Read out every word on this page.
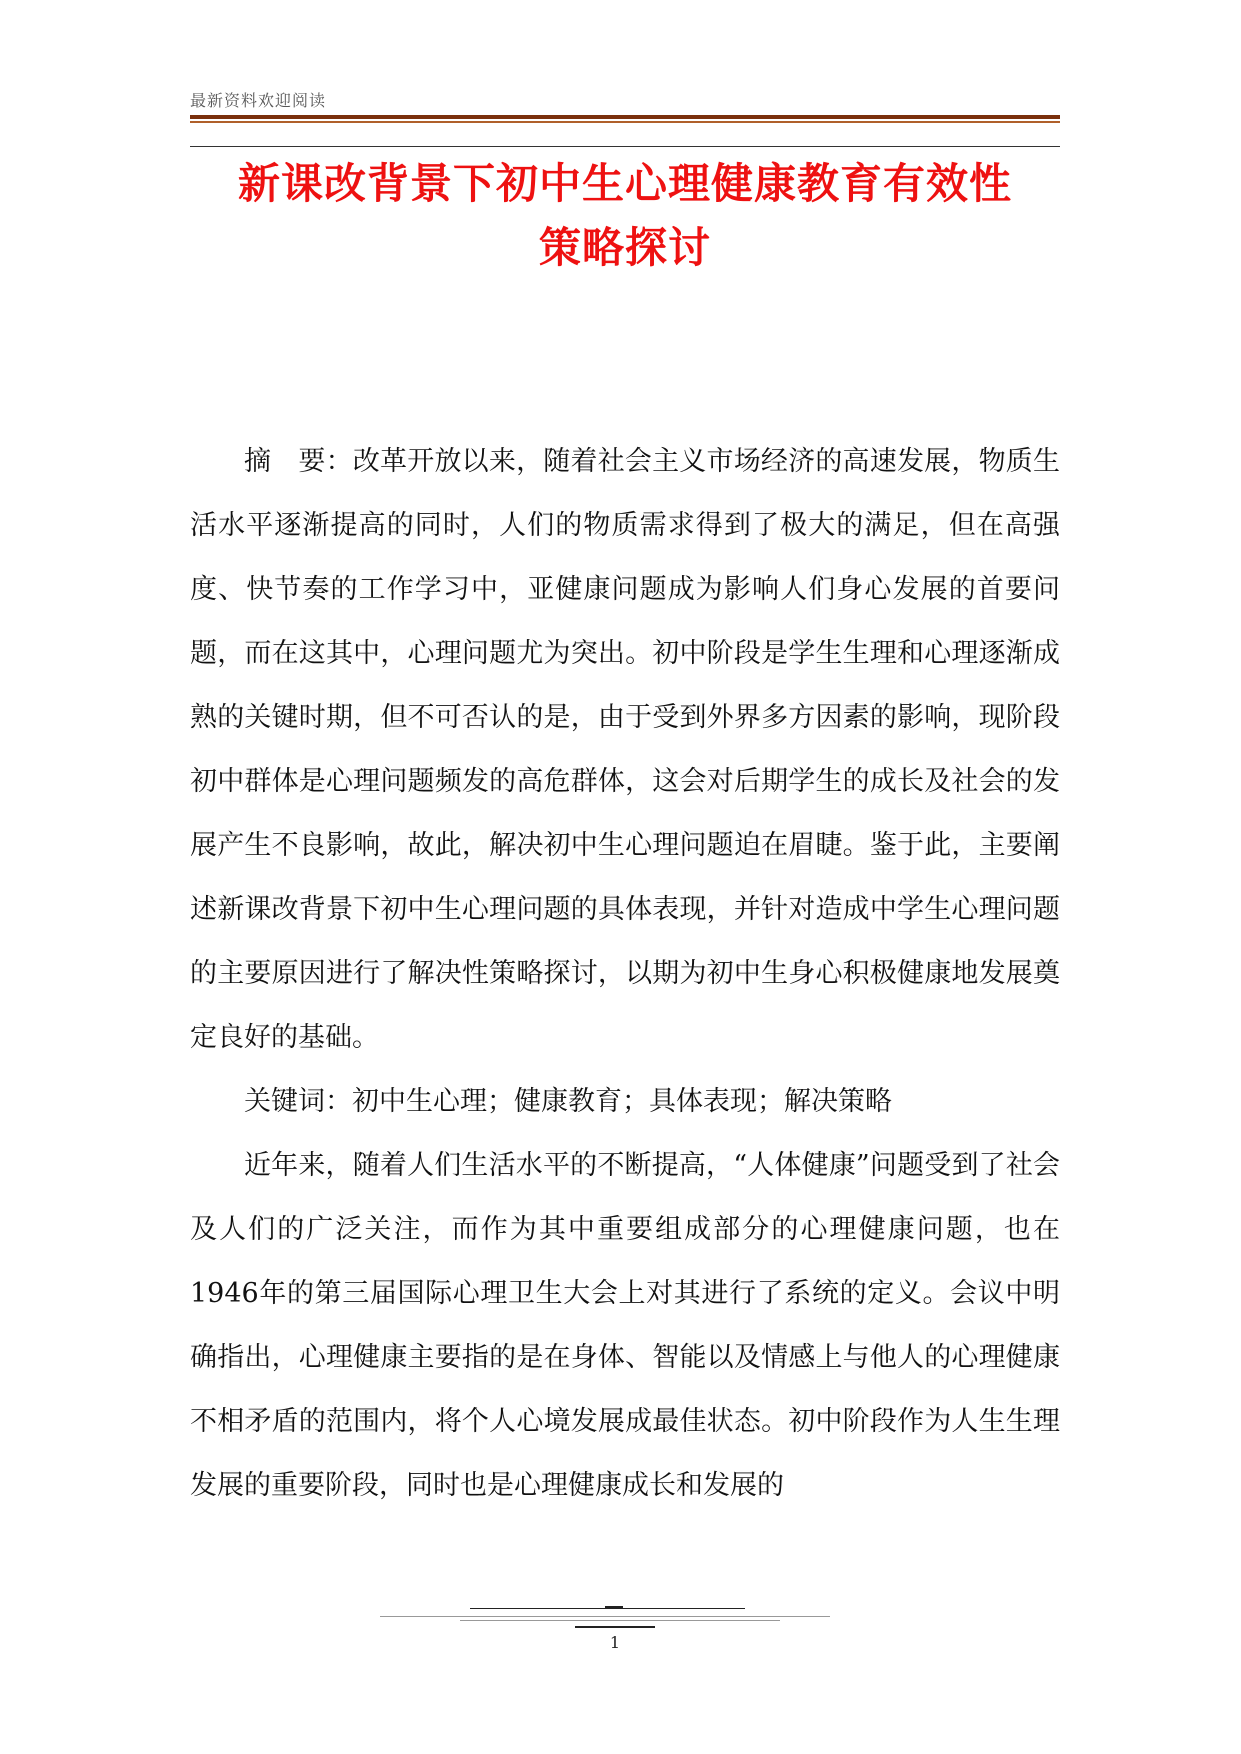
最新资料欢迎阅读
新课改背景下初中生心理健康教育有效性
策略探讨

摘　要：改革开放以来，随着社会主义市场经济的高速发展，物质生活水平逐渐提高的同时，人们的物质需求得到了极大的满足，但在高强度、快节奏的工作学习中，亚健康问题成为影响人们身心发展的首要问题，而在这其中，心理问题尤为突出。初中阶段是学生生理和心理逐渐成熟的关键时期，但不可否认的是，由于受到外界多方因素的影响，现阶段初中群体是心理问题频发的高危群体，这会对后期学生的成长及社会的发展产生不良影响，故此，解决初中生心理问题迫在眉睫。鉴于此，主要阐述新课改背景下初中生心理问题的具体表现，并针对造成中学生心理问题的主要原因进行了解决性策略探讨，以期为初中生身心积极健康地发展奠定良好的基础。

关键词：初中生心理；健康教育；具体表现；解决策略

近年来，随着人们生活水平的不断提高，“人体健康”问题受到了社会及人们的广泛关注，而作为其中重要组成部分的心理健康问题，也在1946年的第三届国际心理卫生大会上对其进行了系统的定义。会议中明确指出，心理健康主要指的是在身体、智能以及情感上与他人的心理健康不相矛盾的范围内，将个人心境发展成最佳状态。初中阶段作为人生生理发展的重要阶段，同时也是心理健康成长和发展的

1
